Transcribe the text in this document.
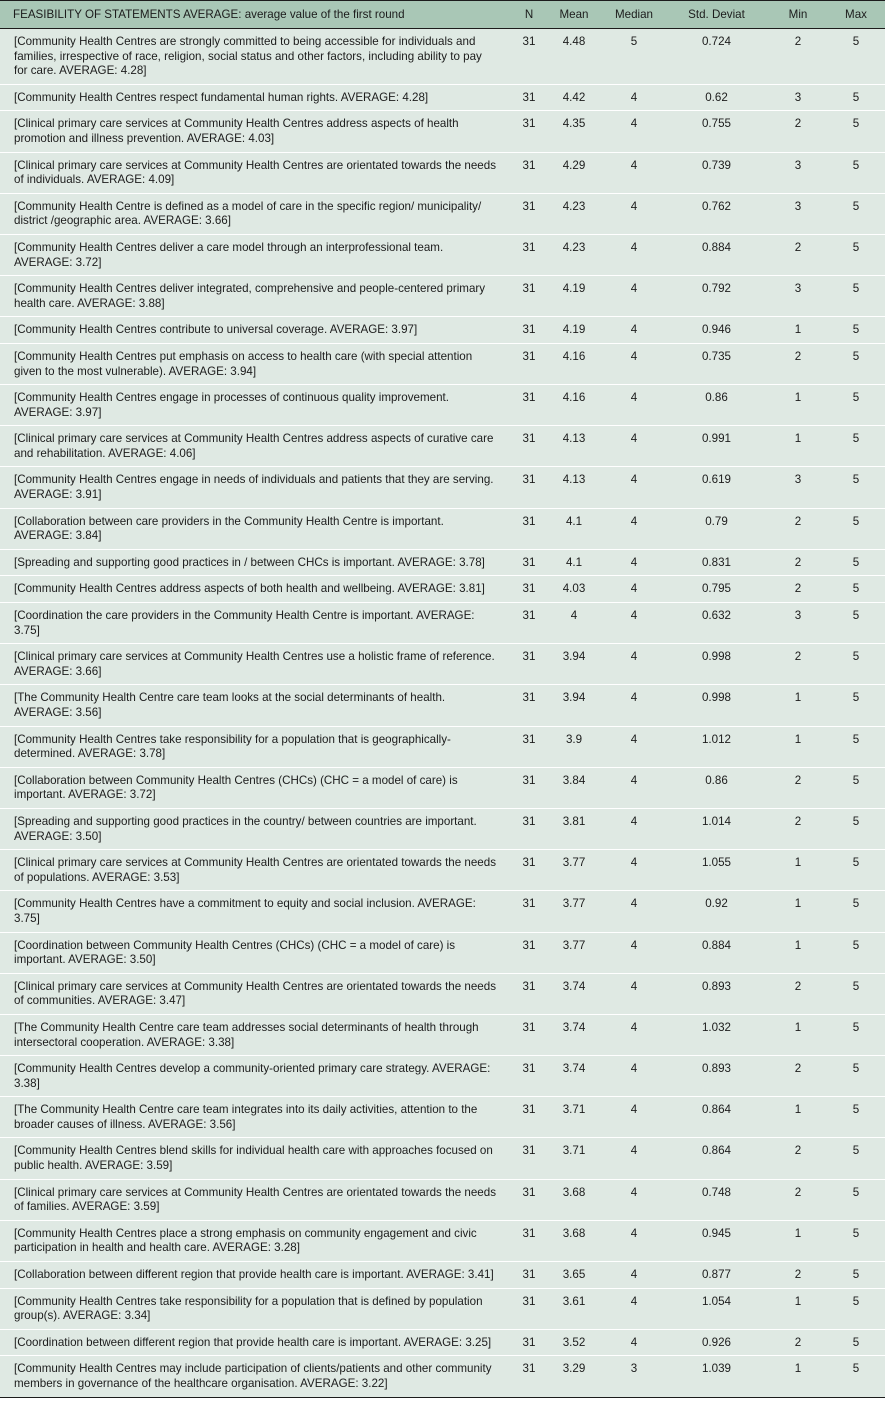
FEASIBILITY OF STATEMENTS AVERAGE: average value of the first round	N	Mean	Median	Std. Deviat	Min	Max
[Community Health Centres are strongly committed to being accessible for individuals and families, irrespective of race, religion, social status and other factors, including ability to pay for care. AVERAGE: 4.28]	31	4.48	5	0.724	2	5
[Community Health Centres respect fundamental human rights. AVERAGE: 4.28]	31	4.42	4	0.62	3	5
[Clinical primary care services at Community Health Centres address aspects of health promotion and illness prevention. AVERAGE: 4.03]	31	4.35	4	0.755	2	5
[Clinical primary care services at Community Health Centres are orientated towards the needs of individuals. AVERAGE: 4.09]	31	4.29	4	0.739	3	5
[Community Health Centre is defined as a model of care in the specific region/ municipality/ district /geographic area. AVERAGE: 3.66]	31	4.23	4	0.762	3	5
[Community Health Centres deliver a care model through an interprofessional team. AVERAGE: 3.72]	31	4.23	4	0.884	2	5
[Community Health Centres deliver integrated, comprehensive and people-centered primary health care. AVERAGE: 3.88]	31	4.19	4	0.792	3	5
[Community Health Centres contribute to universal coverage. AVERAGE: 3.97]	31	4.19	4	0.946	1	5
[Community Health Centres put emphasis on access to health care (with special attention given to the most vulnerable). AVERAGE: 3.94]	31	4.16	4	0.735	2	5
[Community Health Centres engage in processes of continuous quality improvement. AVERAGE: 3.97]	31	4.16	4	0.86	1	5
[Clinical primary care services at Community Health Centres address aspects of curative care and rehabilitation. AVERAGE: 4.06]	31	4.13	4	0.991	1	5
[Community Health Centres engage in needs of individuals and patients that they are serving. AVERAGE: 3.91]	31	4.13	4	0.619	3	5
[Collaboration between care providers in the Community Health Centre is important. AVERAGE: 3.84]	31	4.1	4	0.79	2	5
[Spreading and supporting good practices in / between CHCs is important. AVERAGE: 3.78]	31	4.1	4	0.831	2	5
[Community Health Centres address aspects of both health and wellbeing. AVERAGE: 3.81]	31	4.03	4	0.795	2	5
[Coordination the care providers in the Community Health Centre is important. AVERAGE: 3.75]	31	4	4	0.632	3	5
[Clinical primary care services at Community Health Centres use a holistic frame of reference. AVERAGE: 3.66]	31	3.94	4	0.998	2	5
[The Community Health Centre care team looks at the social determinants of health. AVERAGE: 3.56]	31	3.94	4	0.998	1	5
[Community Health Centres take responsibility for a population that is geographically-determined. AVERAGE: 3.78]	31	3.9	4	1.012	1	5
[Collaboration between Community Health Centres (CHCs) (CHC = a model of care) is important. AVERAGE: 3.72]	31	3.84	4	0.86	2	5
[Spreading and supporting good practices in the country/ between countries are important. AVERAGE: 3.50]	31	3.81	4	1.014	2	5
[Clinical primary care services at Community Health Centres are orientated towards the needs of populations. AVERAGE: 3.53]	31	3.77	4	1.055	1	5
[Community Health Centres have a commitment to equity and social inclusion. AVERAGE: 3.75]	31	3.77	4	0.92	1	5
[Coordination between Community Health Centres (CHCs) (CHC = a model of care) is important. AVERAGE: 3.50]	31	3.77	4	0.884	1	5
[Clinical primary care services at Community Health Centres are orientated towards the needs of communities. AVERAGE: 3.47]	31	3.74	4	0.893	2	5
[The Community Health Centre care team addresses social determinants of health through intersectoral cooperation. AVERAGE: 3.38]	31	3.74	4	1.032	1	5
[Community Health Centres develop a community-oriented primary care strategy. AVERAGE: 3.38]	31	3.74	4	0.893	2	5
[The Community Health Centre care team integrates into its daily activities, attention to the broader causes of illness. AVERAGE: 3.56]	31	3.71	4	0.864	1	5
[Community Health Centres blend skills for individual health care with approaches focused on public health. AVERAGE: 3.59]	31	3.71	4	0.864	2	5
[Clinical primary care services at Community Health Centres are orientated towards the needs of families. AVERAGE: 3.59]	31	3.68	4	0.748	2	5
[Community Health Centres place a strong emphasis on community engagement and civic participation in health and health care. AVERAGE: 3.28]	31	3.68	4	0.945	1	5
[Collaboration between different region that provide health care is important. AVERAGE: 3.41]	31	3.65	4	0.877	2	5
[Community Health Centres take responsibility for a population that is defined by population group(s). AVERAGE: 3.34]	31	3.61	4	1.054	1	5
[Coordination between different region that provide health care is important. AVERAGE: 3.25]	31	3.52	4	0.926	2	5
[Community Health Centres may include participation of clients/patients and other community members in governance of the healthcare organisation. AVERAGE: 3.22]	31	3.29	3	1.039	1	5
